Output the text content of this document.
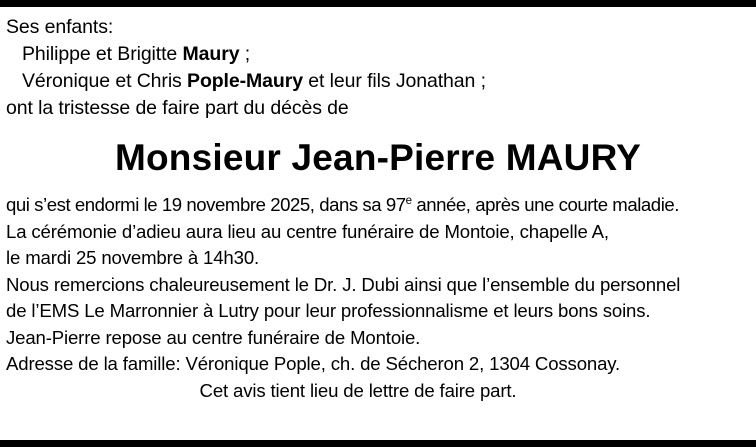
Ses enfants:
Philippe et Brigitte Maury ;
Véronique et Chris Pople-Maury et leur fils Jonathan ;
ont la tristesse de faire part du décès de
Monsieur Jean-Pierre MAURY
qui s’est endormi le 19 novembre 2025, dans sa 97e année, après une courte maladie.
La cérémonie d’adieu aura lieu au centre funéraire de Montoie, chapelle A,
le mardi 25 novembre à 14h30.
Nous remercions chaleureusement le Dr. J. Dubi ainsi que l’ensemble du personnel
de l’EMS Le Marronnier à Lutry pour leur professionnalisme et leurs bons soins.
Jean-Pierre repose au centre funéraire de Montoie.
Adresse de la famille: Véronique Pople, ch. de Sécheron 2, 1304 Cossonay.
Cet avis tient lieu de lettre de faire part.
